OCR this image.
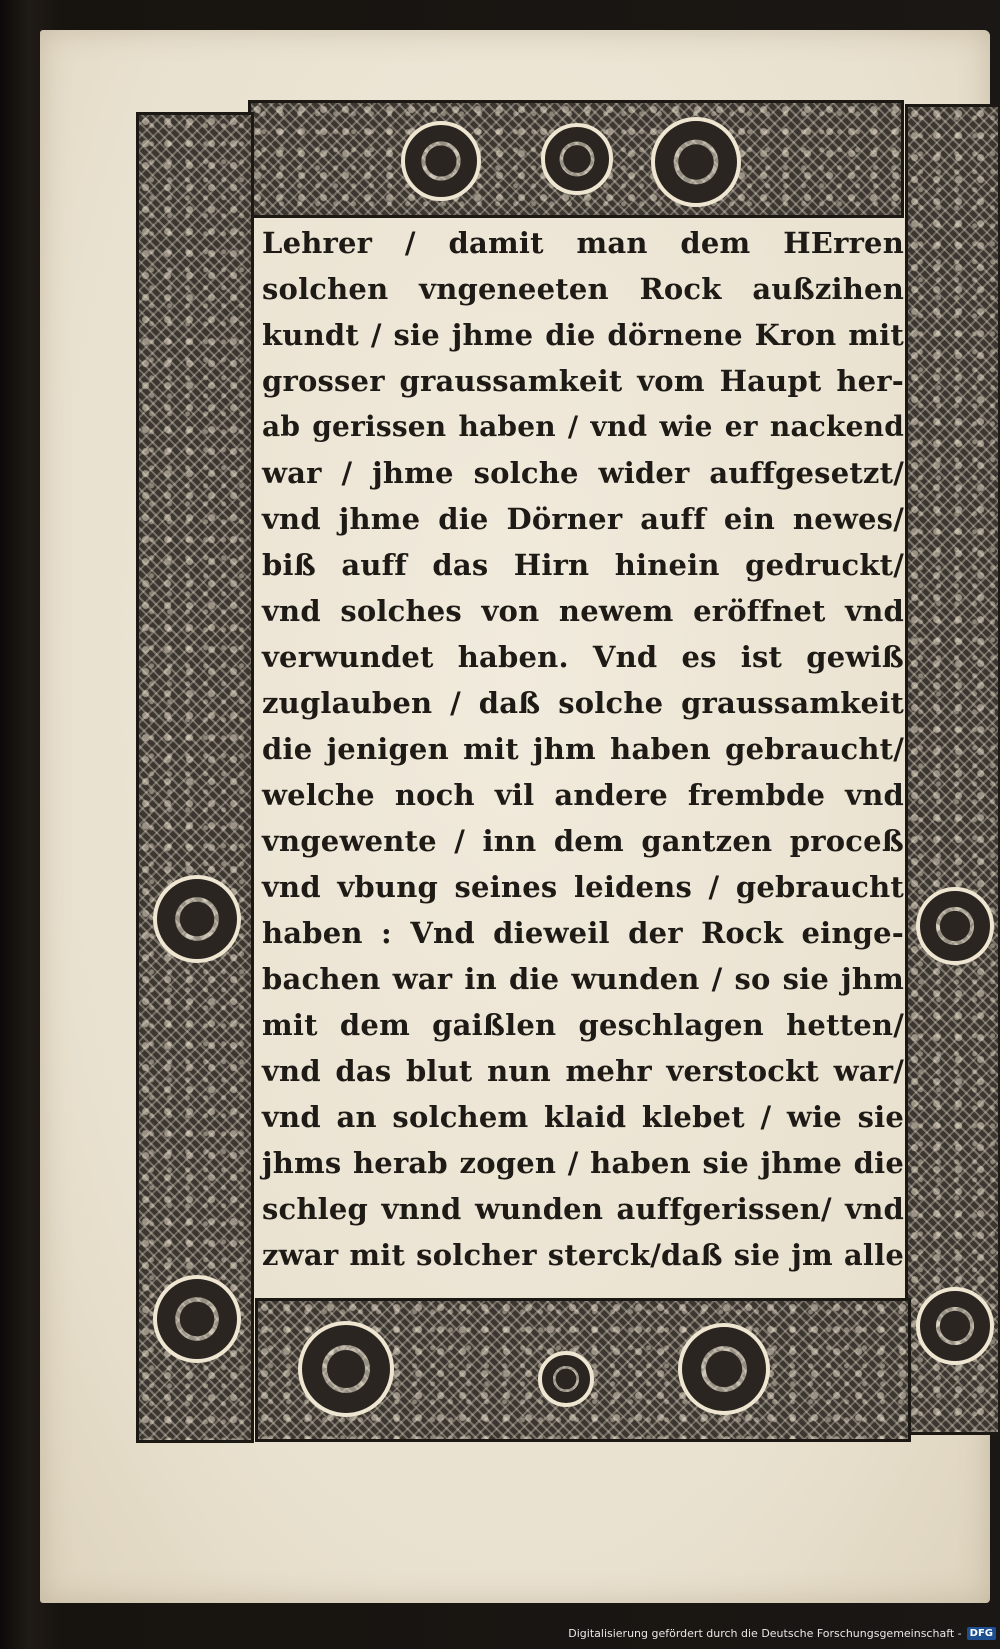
Lehrer / damit man dem HErren
solchen vngeneeten Rock außzihen
kundt / sie jhme die dörnene Kron mit
grosser graussamkeit vom Haupt her-
ab gerissen haben / vnd wie er nackend
war / jhme solche wider auffgesetzt/
vnd jhme die Dörner auff ein newes/
biß auff das Hirn hinein gedruckt/
vnd solches von newem eröffnet vnd
verwundet haben. Vnd es ist gewiß
zuglauben / daß solche graussamkeit
die jenigen mit jhm haben gebraucht/
welche noch vil andere frembde vnd
vngewente / inn dem gantzen proceß
vnd vbung seines leidens / gebraucht
haben : Vnd dieweil der Rock einge-
bachen war in die wunden / so sie jhm
mit dem gaißlen geschlagen hetten/
vnd das blut nun mehr verstockt war/
vnd an solchem klaid klebet / wie sie
jhms herab zogen / haben sie jhme die
schleg vnnd wunden auffgerissen/ vnd
zwar mit solcher sterck/daß sie jm alle
Digitalisierung gefördert durch die Deutsche Forschungsgemeinschaft - DFG
